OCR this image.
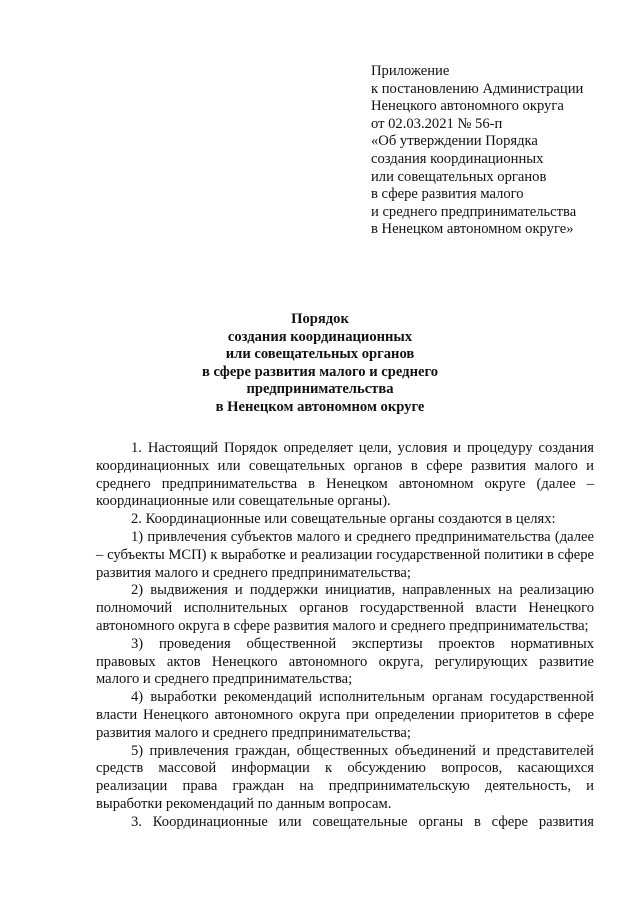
Приложение
к постановлению Администрации
Ненецкого автономного округа
от 02.03.2021 № 56-п
«Об утверждении Порядка
создания координационных
или совещательных органов
в сфере развития малого
и среднего предпринимательства
в Ненецком автономном округе»
Порядок
создания координационных
или совещательных органов
в сфере развития малого и среднего
предпринимательства
в Ненецком автономном округе

1. Настоящий Порядок определяет цели, условия и процедуру создания координационных или совещательных органов в сфере развития малого и среднего предпринимательства в Ненецком автономном округе (далее – координационные или совещательные органы).

2. Координационные или совещательные органы создаются в целях:

1) привлечения субъектов малого и среднего предпринимательства (далее – субъекты МСП) к выработке и реализации государственной политики в сфере развития малого и среднего предпринимательства;

2) выдвижения и поддержки инициатив, направленных на реализацию полномочий исполнительных органов государственной власти Ненецкого автономного округа в сфере развития малого и среднего предпринимательства;

3) проведения общественной экспертизы проектов нормативных правовых актов Ненецкого автономного округа, регулирующих развитие малого и среднего предпринимательства;

4) выработки рекомендаций исполнительным органам государственной власти Ненецкого автономного округа при определении приоритетов в сфере развития малого и среднего предпринимательства;

5) привлечения граждан, общественных объединений и представителей средств массовой информации к обсуждению вопросов, касающихся реализации права граждан на предпринимательскую деятельность, и выработки рекомендаций по данным вопросам.

3. Координационные или совещательные органы в сфере развития
